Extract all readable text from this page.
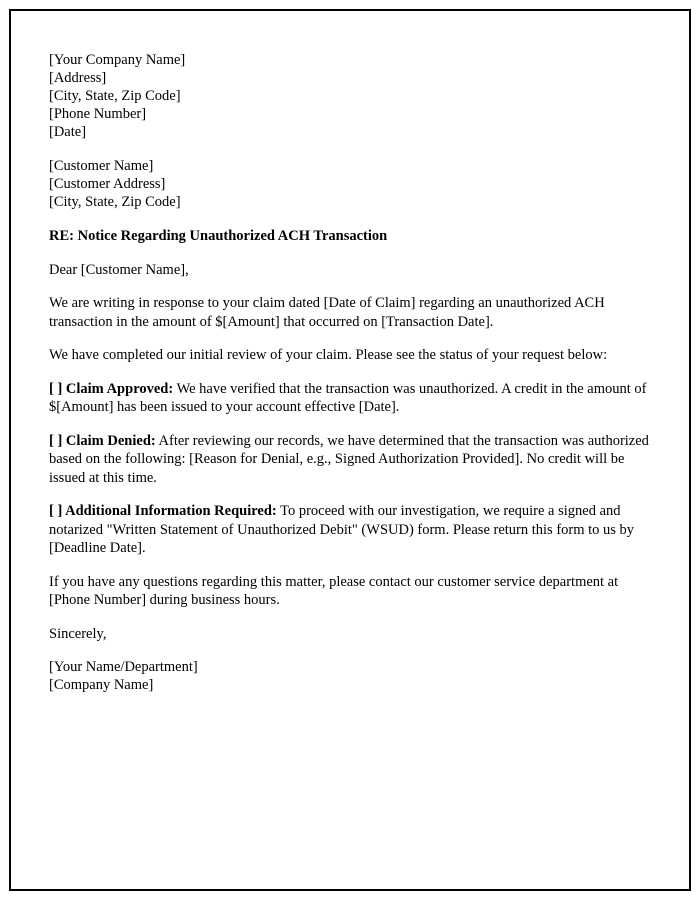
[Your Company Name]
[Address]
[City, State, Zip Code]
[Phone Number]
[Date]
[Customer Name]
[Customer Address]
[City, State, Zip Code]

RE: Notice Regarding Unauthorized ACH Transaction

Dear [Customer Name],

We are writing in response to your claim dated [Date of Claim] regarding an unauthorized ACH transaction in the amount of $[Amount] that occurred on [Transaction Date].

We have completed our initial review of your claim. Please see the status of your request below:

[ ] Claim Approved: We have verified that the transaction was unauthorized. A credit in the amount of $[Amount] has been issued to your account effective [Date].

[ ] Claim Denied: After reviewing our records, we have determined that the transaction was authorized based on the following: [Reason for Denial, e.g., Signed Authorization Provided]. No credit will be issued at this time.

[ ] Additional Information Required: To proceed with our investigation, we require a signed and notarized "Written Statement of Unauthorized Debit" (WSUD) form. Please return this form to us by [Deadline Date].

If you have any questions regarding this matter, please contact our customer service department at [Phone Number] during business hours.

Sincerely,

[Your Name/Department]
[Company Name]
